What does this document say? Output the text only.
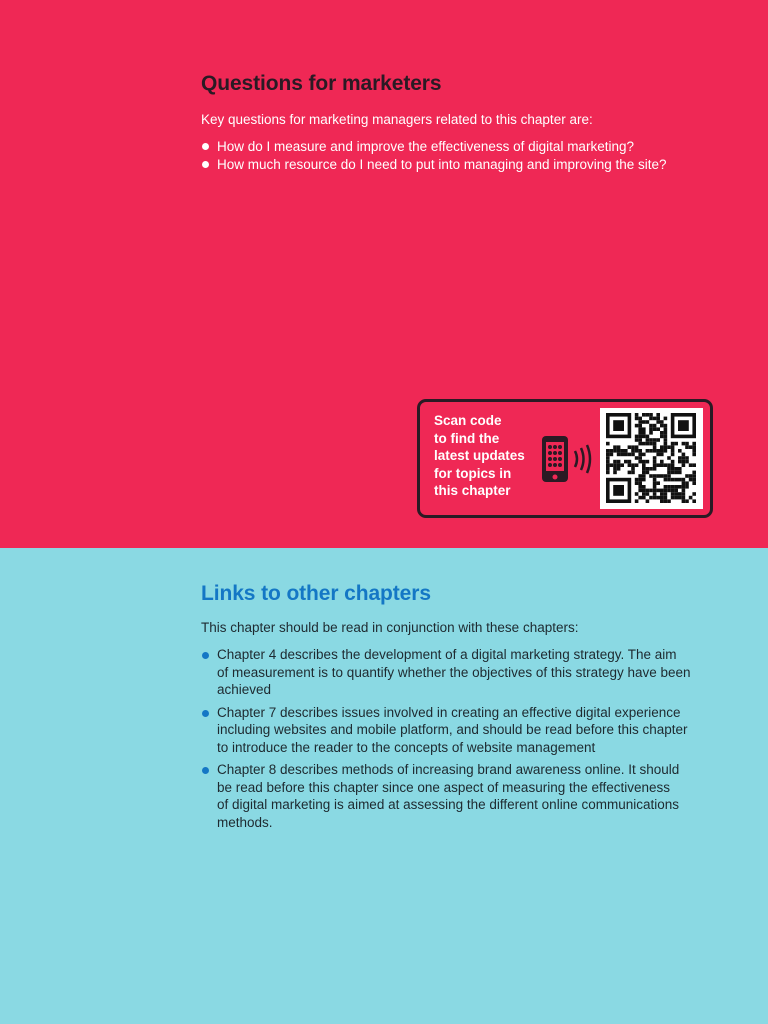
Questions for marketers

Key questions for marketing managers related to this chapter are:

How do I measure and improve the effectiveness of digital marketing?
How much resource do I need to put into managing and improving the site?
Scan code
to find the
latest updates
for topics in
this chapter
Links to other chapters

This chapter should be read in conjunction with these chapters:

Chapter 4 describes the development of a digital marketing strategy. The aim
of measurement is to quantify whether the objectives of this strategy have been
achieved
Chapter 7 describes issues involved in creating an effective digital experience
including websites and mobile platform, and should be read before this chapter
to introduce the reader to the concepts of website management
Chapter 8 describes methods of increasing brand awareness online. It should
be read before this chapter since one aspect of measuring the effectiveness
of digital marketing is aimed at assessing the different online communications
methods.
